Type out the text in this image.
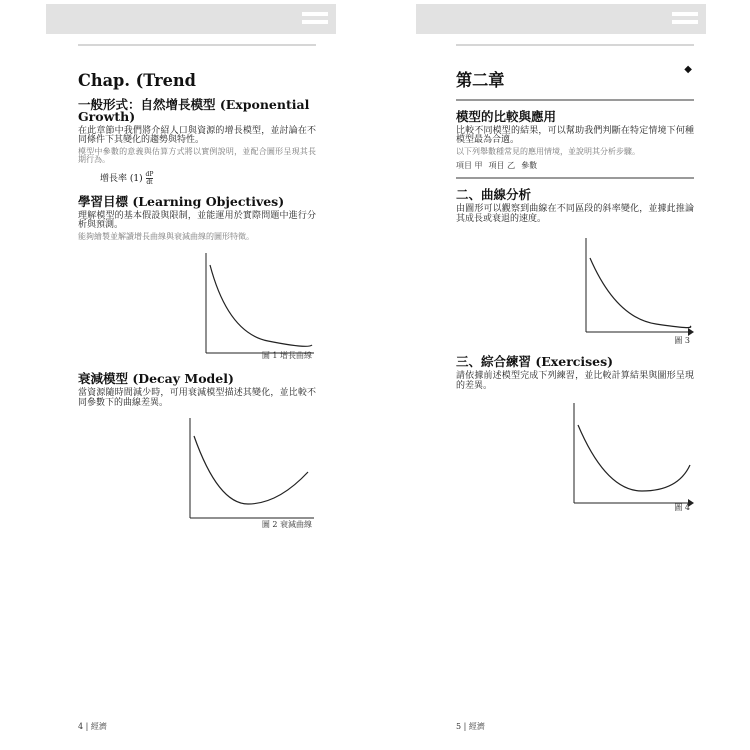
Chap. (Trend
一般形式：自然增長模型 (Exponential Growth)

在此章節中我們將介紹人口與資源的增長模型，並討論在不同條件下其變化的趨勢與特性。

模型中參數的意義與估算方式將以實例說明，並配合圖形呈現其長期行為。

增長率 $(1) \frac{dP}{dt}$
學習目標 (Learning Objectives)

理解模型的基本假設與限制，並能運用於實際問題中進行分析與預測。

能夠繪製並解讀增長曲線與衰減曲線的圖形特徵。

圖 1 增長曲線
衰減模型 (Decay Model)

當資源隨時間減少時，可用衰減模型描述其變化，並比較不同參數下的曲線差異。

圖 2 衰減曲線
4 | 經濟
◆
第二章
模型的比較與應用

比較不同模型的結果，可以幫助我們判斷在特定情境下何種模型最為合適。

以下列舉數種常見的應用情境，並說明其分析步驟。

項目 甲 項目 乙 參數
二、曲線分析

由圖形可以觀察到曲線在不同區段的斜率變化，並據此推論其成長或衰退的速度。

圖 3
三、綜合練習 (Exercises)

請依據前述模型完成下列練習，並比較計算結果與圖形呈現的差異。

圖 4
5 | 經濟
